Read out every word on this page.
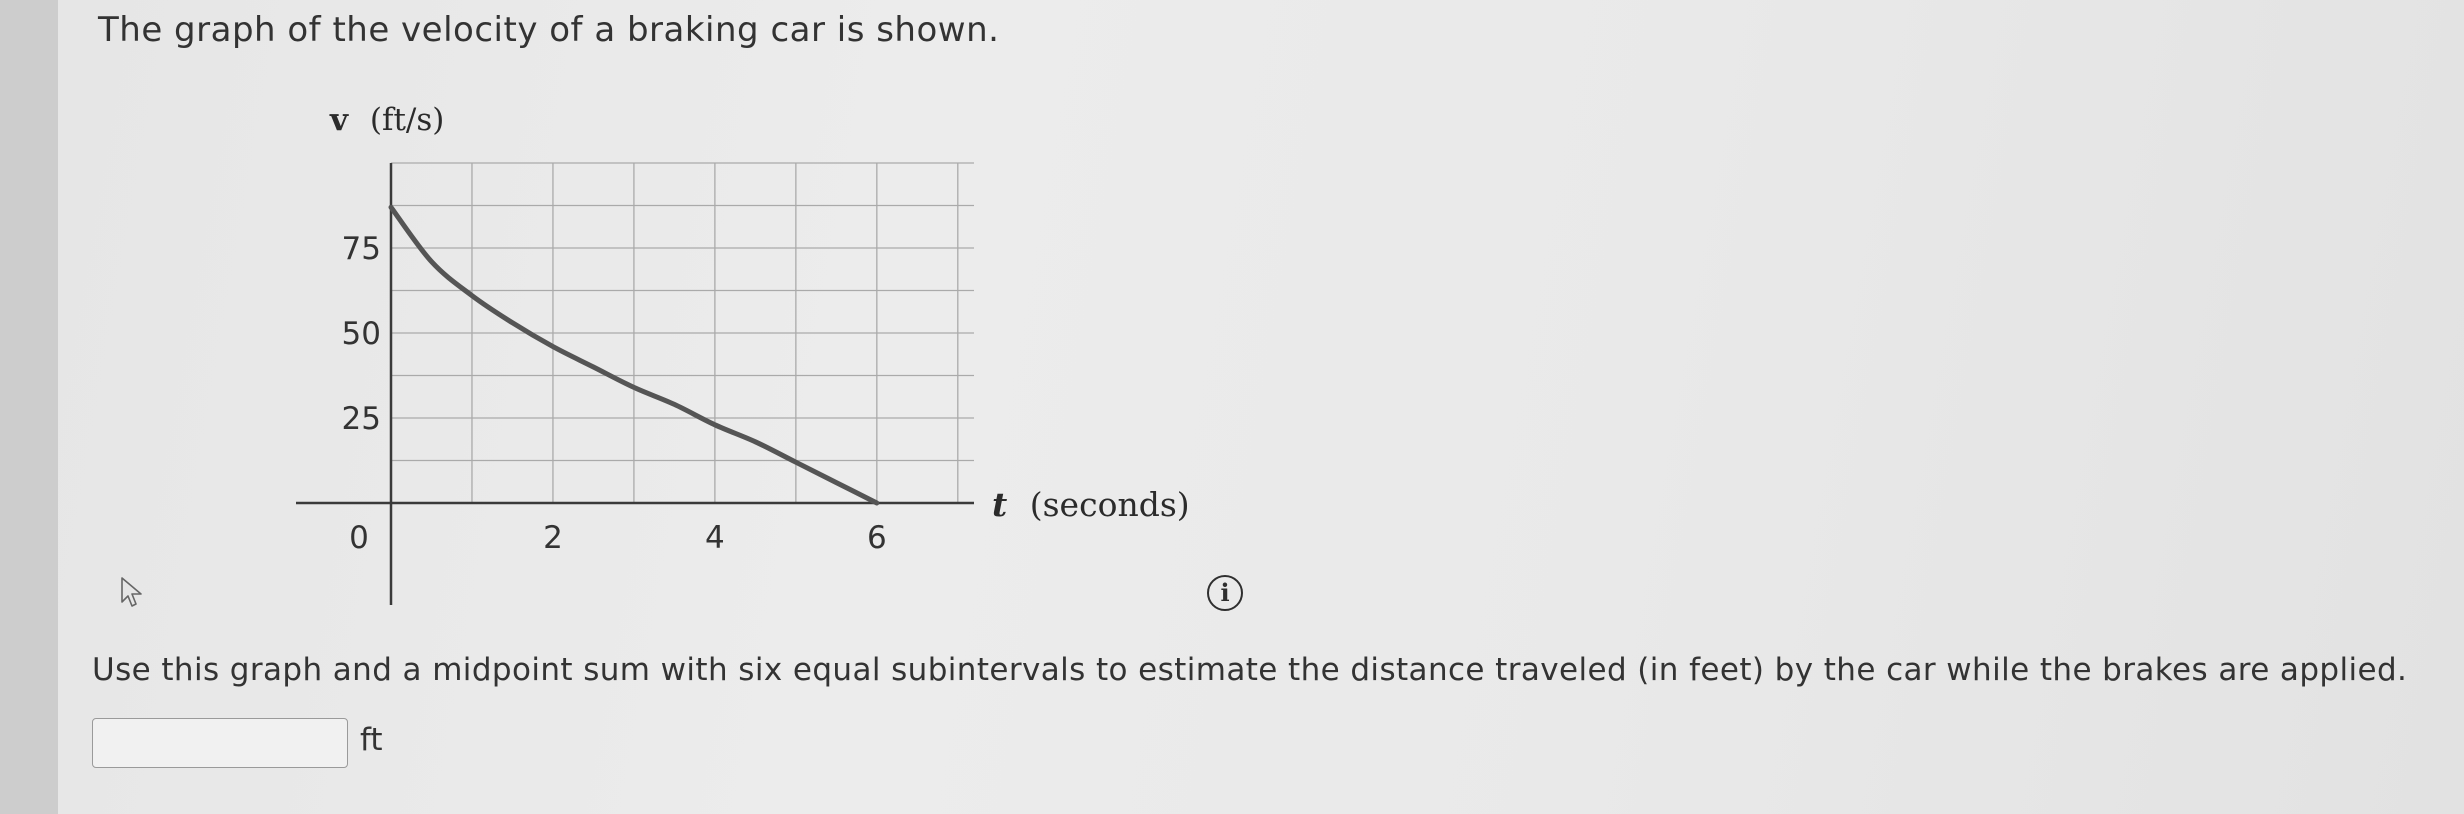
The graph of the velocity of a braking car is shown.
0	2	4	6
25
50
75
v (ft/s)
t (seconds)
i
Use this graph and a midpoint sum with six equal subintervals to estimate the distance traveled (in feet) by the car while the brakes are applied.
ft
